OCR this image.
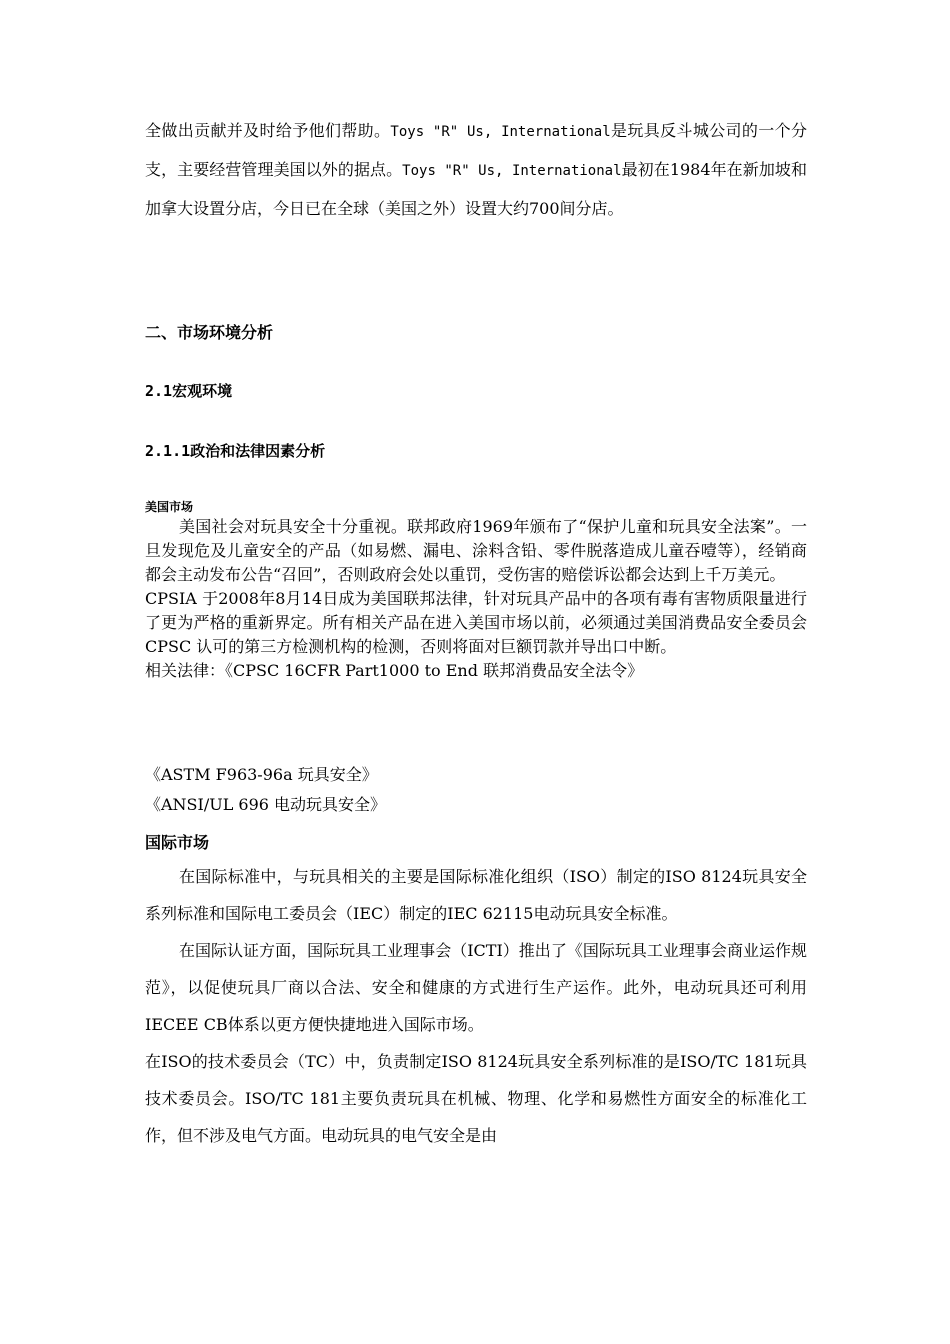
全做出贡献并及时给予他们帮助。Toys "R" Us, International是玩具反斗城公司的一个分支，主要经营管理美国以外的据点。Toys "R" Us, International最初在1984年在新加坡和加拿大设置分店，今日已在全球（美国之外）设置大约700间分店。

二、市场环境分析
2.1宏观环境
2.1.1政治和法律因素分析
美国市场

美国社会对玩具安全十分重视。联邦政府1969年颁布了“保护儿童和玩具安全法案”。一旦发现危及儿童安全的产品（如易燃、漏电、涂料含铅、零件脱落造成儿童吞噎等），经销商都会主动发布公告“召回”，否则政府会处以重罚，受伤害的赔偿诉讼都会达到上千万美元。

CPSIA 于2008年8月14日成为美国联邦法律，针对玩具产品中的各项有毒有害物质限量进行了更为严格的重新界定。所有相关产品在进入美国市场以前，必须通过美国消费品安全委员会CPSC 认可的第三方检测机构的检测，否则将面对巨额罚款并导出口中断。

相关法律：《CPSC 16CFR Part1000 to End 联邦消费品安全法令》

《ASTM F963-96a 玩具安全》

《ANSI/UL 696 电动玩具安全》

国际市场

在国际标准中，与玩具相关的主要是国际标准化组织（ISO）制定的ISO 8124玩具安全系列标准和国际电工委员会（IEC）制定的IEC 62115电动玩具安全标准。

在国际认证方面，国际玩具工业理事会（ICTI）推出了《国际玩具工业理事会商业运作规范》，以促使玩具厂商以合法、安全和健康的方式进行生产运作。此外，电动玩具还可利用IECEE CB体系以更方便快捷地进入国际市场。

在ISO的技术委员会（TC）中，负责制定ISO 8124玩具安全系列标准的是ISO/TC 181玩具技术委员会。ISO/TC 181主要负责玩具在机械、物理、化学和易燃性方面安全的标准化工作，但不涉及电气方面。电动玩具的电气安全是由
